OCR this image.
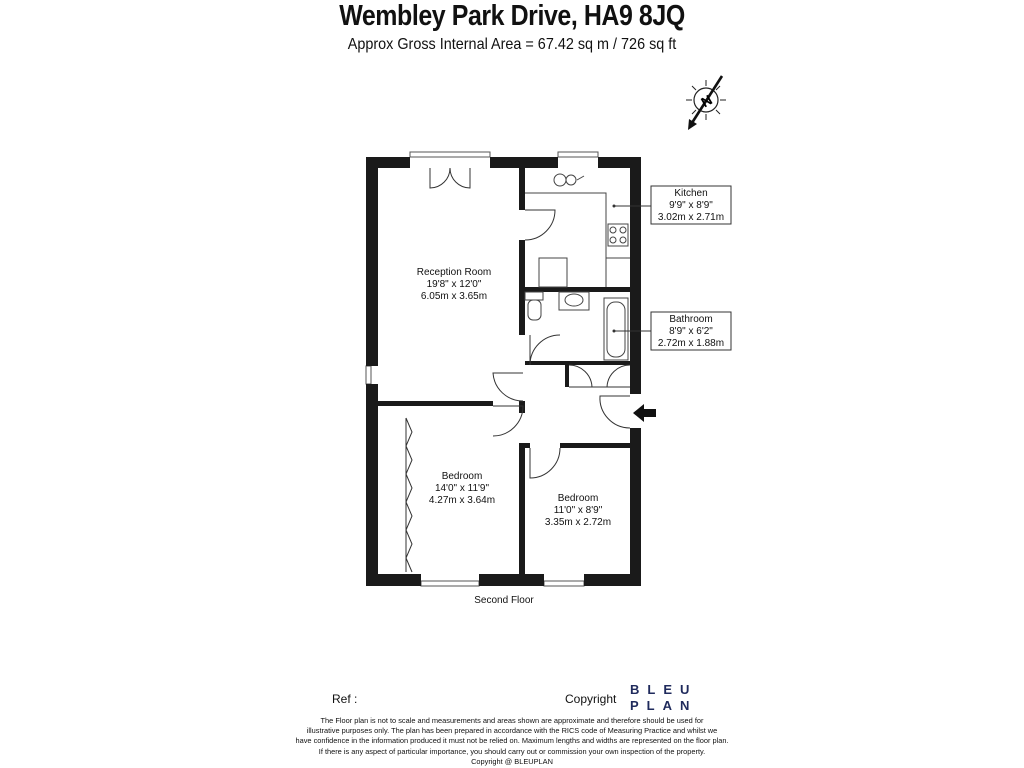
Wembley Park Drive, HA9 8JQ
Approx Gross Internal Area = 67.42 sq m / 726 sq ft
N
Reception Room
19'8" x 12'0"
6.05m x 3.65m
Bedroom
14'0" x 11'9"
4.27m x 3.64m	Bedroom
11'0" x 8'9"
3.35m x 2.72m
Kitchen
9'9" x 8'9"
3.02m x 2.71m
Bathroom
8'9" x 6'2"
2.72m x 1.88m
Second Floor
Ref :	Copyright
BLEU
PLAN
The Floor plan is not to scale and measurements and areas shown are approximate and therefore should be used for
illustrative purposes only. The plan has been prepared in accordance with the RICS code of Measuring Practice and whilst we
have confidence in the information produced it must not be relied on. Maximum lengths and widths are represented on the floor plan.
If there is any aspect of particular importance, you should carry out or commission your own inspection of the property.
Copyright @ BLEUPLAN
